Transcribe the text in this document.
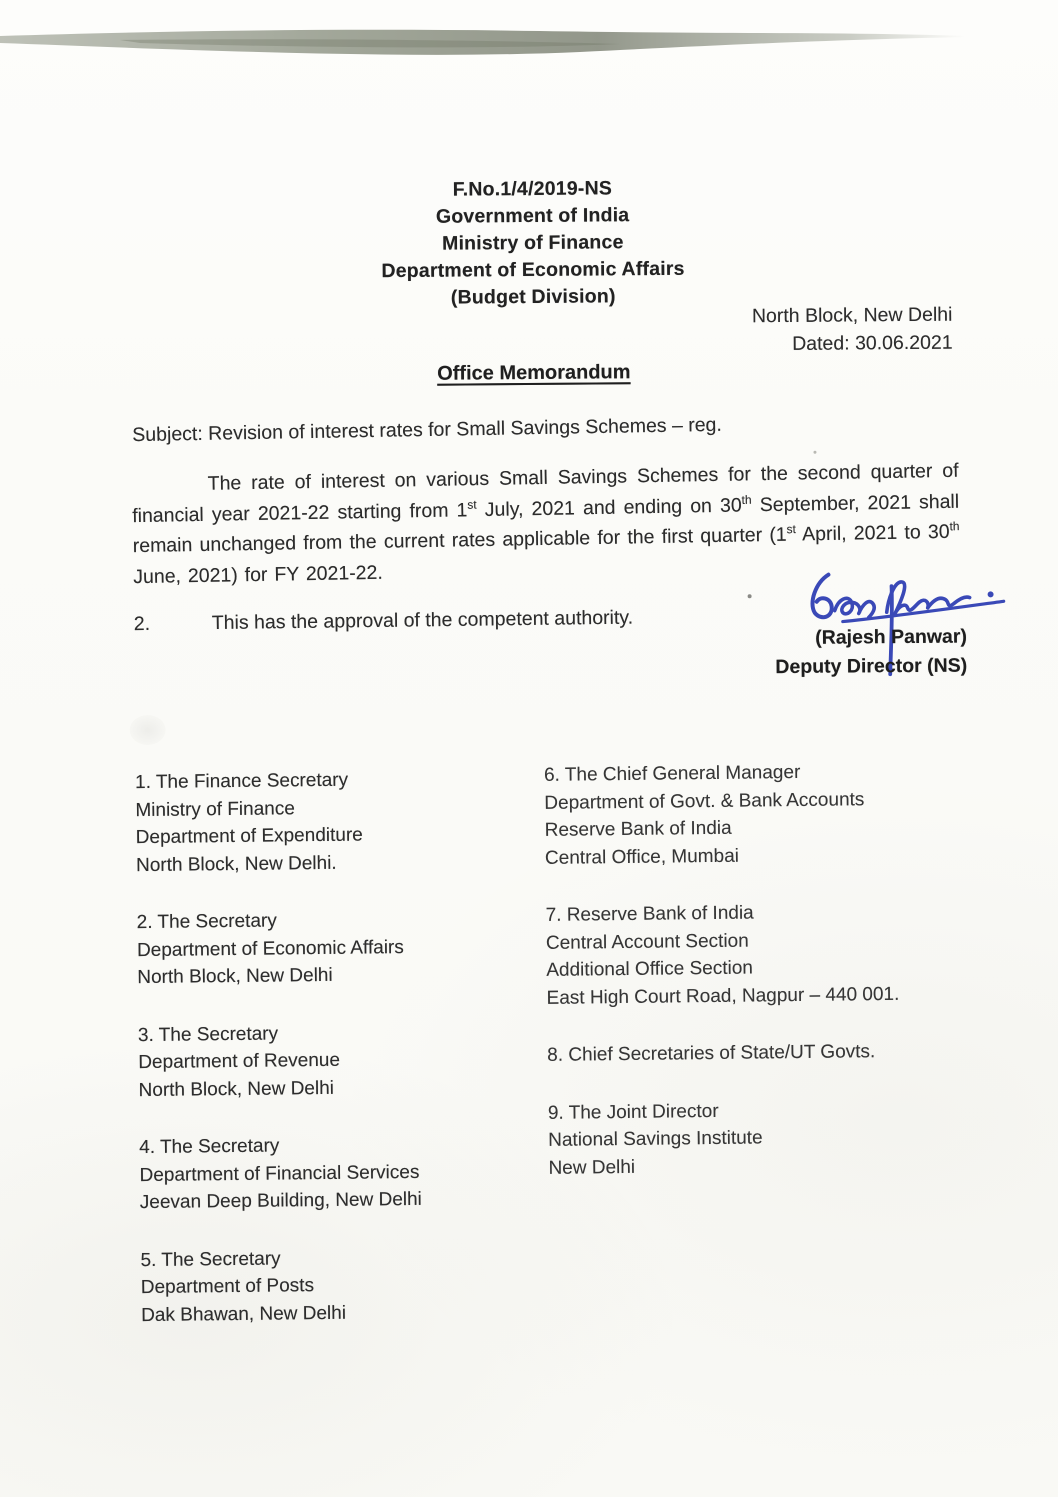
F.No.1/4/2019-NS
Government of India
Ministry of Finance
Department of Economic Affairs
(Budget Division)
North Block, New Delhi
Dated: 30.06.2021
Office Memorandum
Subject: Revision of interest rates for Small Savings Schemes – reg.
The rate of interest on various Small Savings Schemes for the second quarter of financial year 2021-22 starting from 1st July, 2021 and ending on 30th September, 2021 shall remain unchanged from the current rates applicable for the first quarter (1st April, 2021 to 30th June, 2021) for FY 2021-22.
2.	This has the approval of the competent authority.
(Rajesh Panwar)
Deputy Director (NS)
1. The Finance Secretary
Ministry of Finance
Department of Expenditure
North Block, New Delhi.
2. The Secretary
Department of Economic Affairs
North Block, New Delhi
3. The Secretary
Department of Revenue
North Block, New Delhi
4. The Secretary
Department of Financial Services
Jeevan Deep Building, New Delhi
5. The Secretary
Department of Posts
Dak Bhawan, New Delhi
6. The Chief General Manager
Department of Govt. & Bank Accounts
Reserve Bank of India
Central Office, Mumbai
7. Reserve Bank of India
Central Account Section
Additional Office Section
East High Court Road, Nagpur – 440 001.
8. Chief Secretaries of State/UT Govts.
9. The Joint Director
National Savings Institute
New Delhi
